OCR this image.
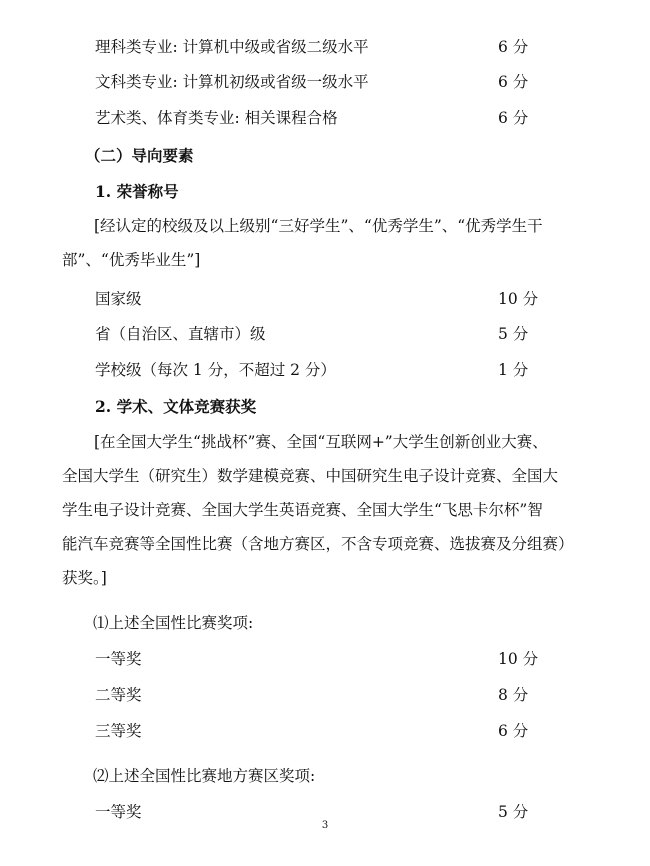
理科类专业: 计算机中级或省级二级水平	6 分
文科类专业: 计算机初级或省级一级水平	6 分
艺术类、体育类专业: 相关课程合格	6 分
（二）导向要素
1. 荣誉称号
[经认定的校级及以上级别“三好学生”、“优秀学生”、“优秀学生干
部”、“优秀毕业生”]
国家级	10 分
省（自治区、直辖市）级	5 分
学校级（每次 1 分，不超过 2 分）	1 分
2. 学术、文体竞赛获奖
[在全国大学生“挑战杯”赛、全国“互联网+”大学生创新创业大赛、
全国大学生（研究生）数学建模竞赛、中国研究生电子设计竞赛、全国大
学生电子设计竞赛、全国大学生英语竞赛、全国大学生“飞思卡尔杯”智
能汽车竞赛等全国性比赛（含地方赛区，不含专项竞赛、选拔赛及分组赛）
获奖。]
⑴上述全国性比赛奖项:
一等奖	10 分
二等奖	8 分
三等奖	6 分
⑵上述全国性比赛地方赛区奖项:
一等奖	5 分
3
